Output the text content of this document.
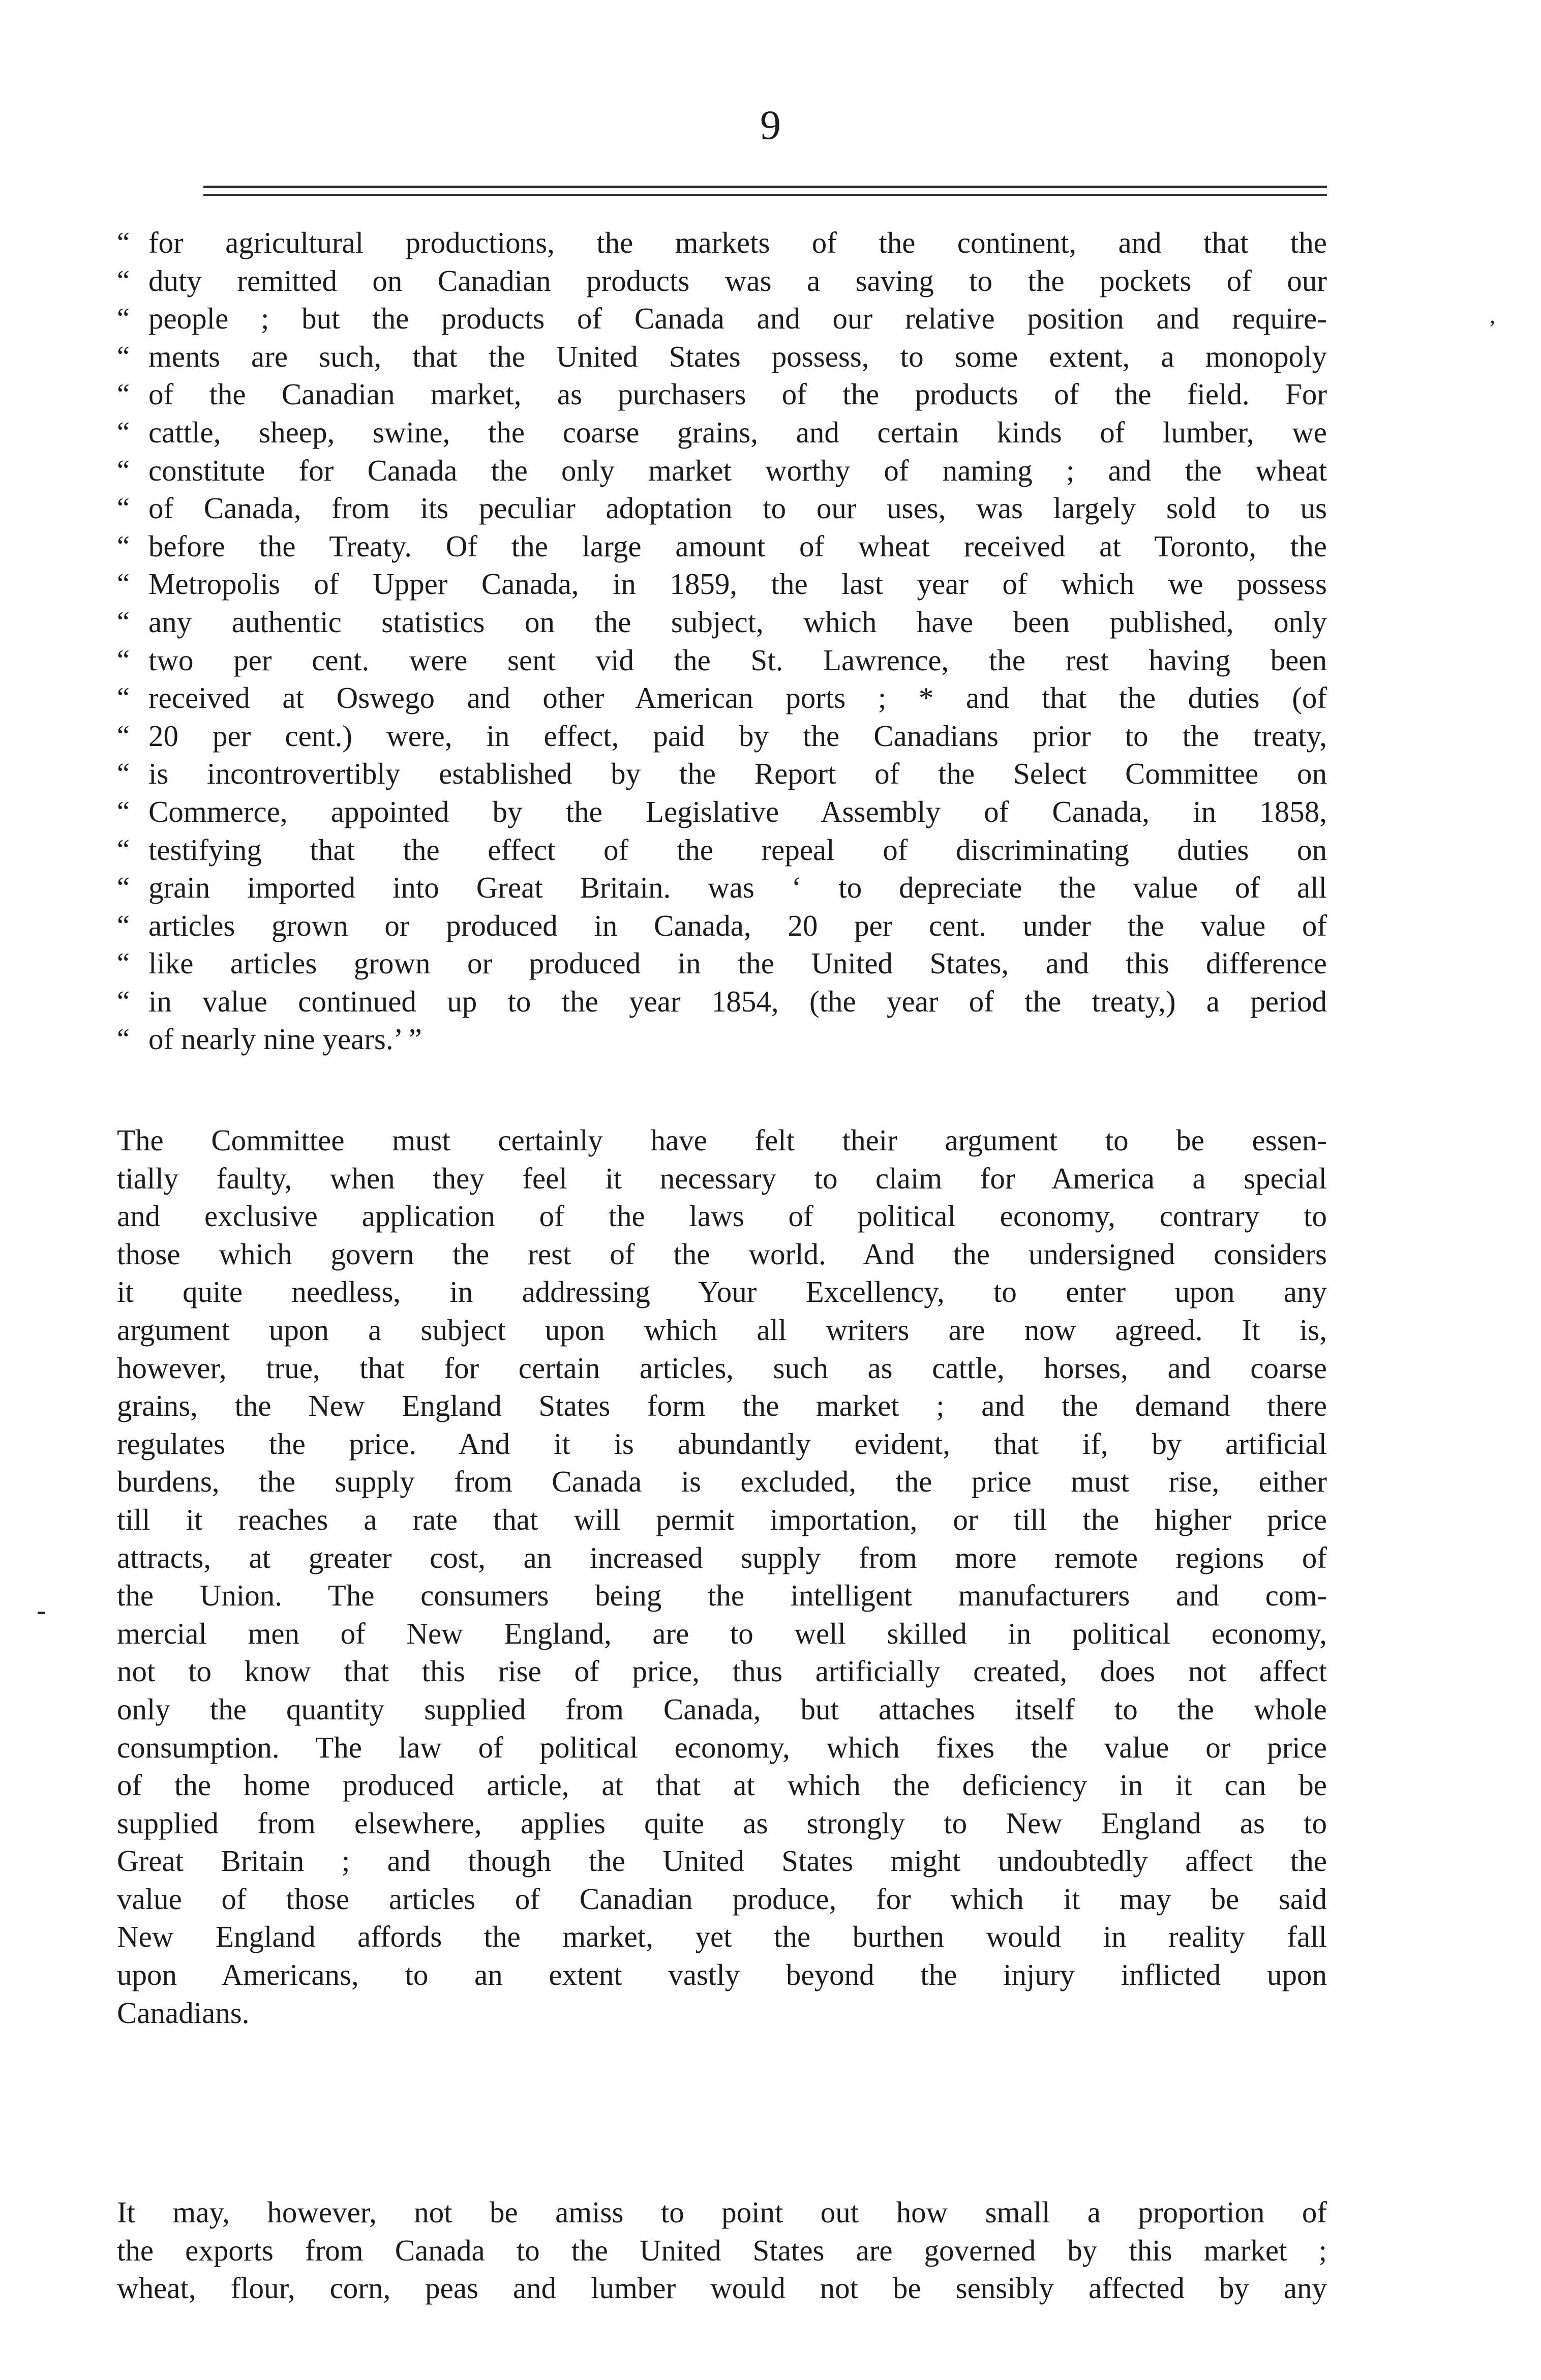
9
,
-
“ for agricultural productions, the markets of the continent, and that the
“ duty remitted on Canadian products was a saving to the pockets of our
“ people ; but the products of Canada and our relative position and require-
“ ments are such, that the United States possess, to some extent, a monopoly
“ of the Canadian market, as purchasers of the products of the field. For
“ cattle, sheep, swine, the coarse grains, and certain kinds of lumber, we
“ constitute for Canada the only market worthy of naming ; and the wheat
“ of Canada, from its peculiar adoptation to our uses, was largely sold to us
“ before the Treaty. Of the large amount of wheat received at Toronto, the
“ Metropolis of Upper Canada, in 1859, the last year of which we possess
“ any authentic statistics on the subject, which have been published, only
“ two per cent. were sent vid the St. Lawrence, the rest having been
“ received at Oswego and other American ports ; * and that the duties (of
“ 20 per cent.) were, in effect, paid by the Canadians prior to the treaty,
“ is incontrovertibly established by the Report of the Select Committee on
“ Commerce, appointed by the Legislative Assembly of Canada, in 1858,
“ testifying that the effect of the repeal of discriminating duties on
“ grain imported into Great Britain. was ‘ to depreciate the value of all
“ articles grown or produced in Canada, 20 per cent. under the value of
“ like articles grown or produced in the United States, and this difference
“ in value continued up to the year 1854, (the year of the treaty,) a period
“ of nearly nine years.’ ”
The Committee must certainly have felt their argument to be essen-
tially faulty, when they feel it necessary to claim for America a special
and exclusive application of the laws of political economy, contrary to
those which govern the rest of the world. And the undersigned considers
it quite needless, in addressing Your Excellency, to enter upon any
argument upon a subject upon which all writers are now agreed. It is,
however, true, that for certain articles, such as cattle, horses, and coarse
grains, the New England States form the market ; and the demand there
regulates the price. And it is abundantly evident, that if, by artificial
burdens, the supply from Canada is excluded, the price must rise, either
till it reaches a rate that will permit importation, or till the higher price
attracts, at greater cost, an increased supply from more remote regions of
the Union. The consumers being the intelligent manufacturers and com-
mercial men of New England, are to well skilled in political economy,
not to know that this rise of price, thus artificially created, does not affect
only the quantity supplied from Canada, but attaches itself to the whole
consumption. The law of political economy, which fixes the value or price
of the home produced article, at that at which the deficiency in it can be
supplied from elsewhere, applies quite as strongly to New England as to
Great Britain ; and though the United States might undoubtedly affect the
value of those articles of Canadian produce, for which it may be said
New England affords the market, yet the burthen would in reality fall
upon Americans, to an extent vastly beyond the injury inflicted upon
Canadians.
It may, however, not be amiss to point out how small a proportion of
the exports from Canada to the United States are governed by this market ;
wheat, flour, corn, peas and lumber would not be sensibly affected by any
